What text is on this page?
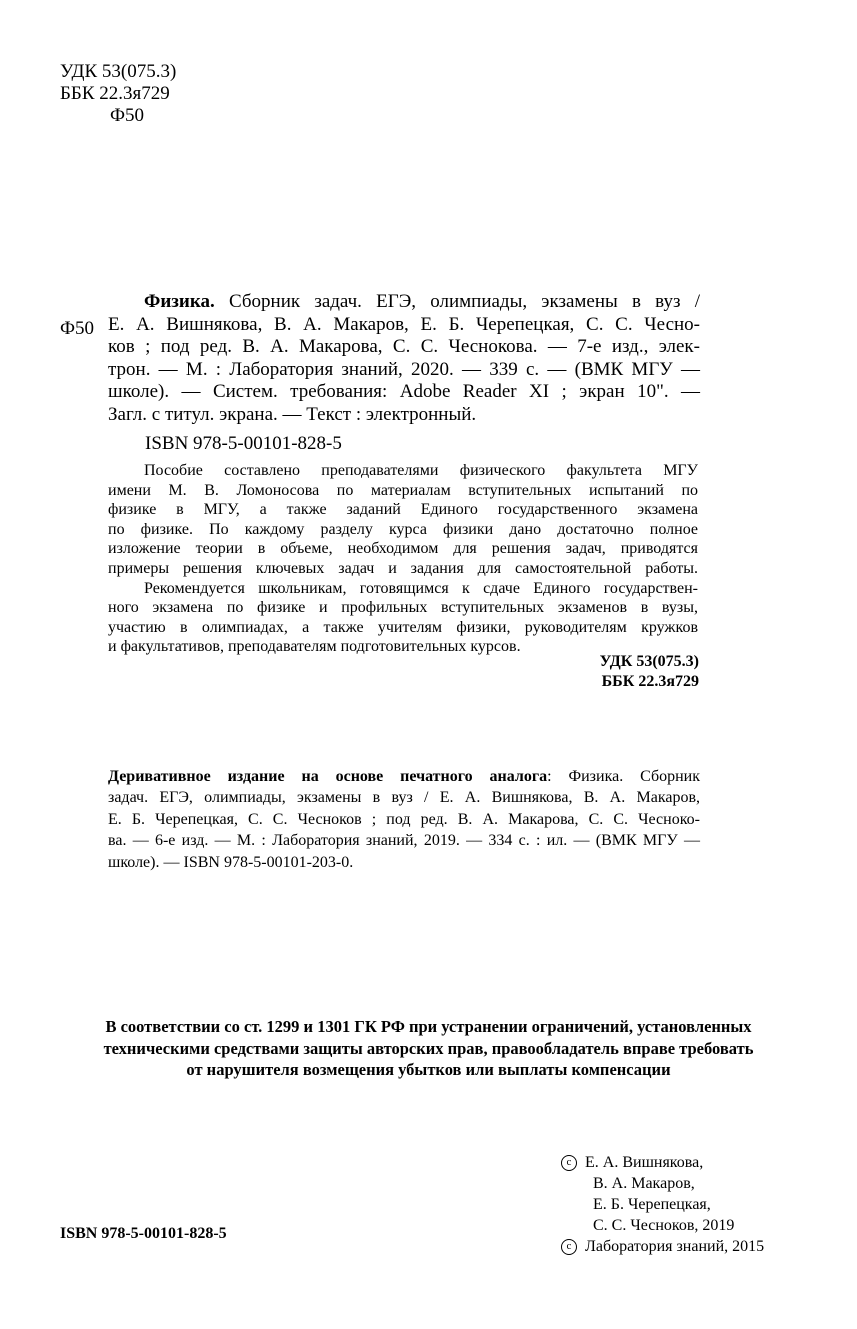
УДК 53(075.3)
ББК 22.3я729
Ф50
Ф50
Физика. Сборник задач. ЕГЭ, олимпиады, экзамены в вуз /
Е. А. Вишнякова, В. А. Макаров, Е. Б. Черепецкая, С. С. Чесно-
ков ; под ред. В. А. Макарова, С. С. Чеснокова. — 7-е изд., элек-
трон. — М. : Лаборатория знаний, 2020. — 339 с. — (ВМК МГУ —
школе). — Систем. требования: Adobe Reader XI ; экран 10". —
Загл. с титул. экрана. — Текст : электронный.
ISBN 978-5-00101-828-5
Пособие составлено преподавателями физического факультета МГУ
имени М. В. Ломоносова по материалам вступительных испытаний по
физике в МГУ, а также заданий Единого государственного экзамена
по физике. По каждому разделу курса физики дано достаточно полное
изложение теории в объеме, необходимом для решения задач, приводятся
примеры решения ключевых задач и задания для самостоятельной работы.
Рекомендуется школьникам, готовящимся к сдаче Единого государствен-
ного экзамена по физике и профильных вступительных экзаменов в вузы,
участию в олимпиадах, а также учителям физики, руководителям кружков
и факультативов, преподавателям подготовительных курсов.
УДК 53(075.3)
ББК 22.3я729
Деривативное издание на основе печатного аналога: Физика. Сборник
задач. ЕГЭ, олимпиады, экзамены в вуз / Е. А. Вишнякова, В. А. Макаров,
Е. Б. Черепецкая, С. С. Чесноков ; под ред. В. А. Макарова, С. С. Чесноко-
ва. — 6-е изд. — М. : Лаборатория знаний, 2019. — 334 с. : ил. — (ВМК МГУ —
школе). — ISBN 978-5-00101-203-0.
В соответствии со ст. 1299 и 1301 ГК РФ при устранении ограничений, установленных
техническими средствами защиты авторских прав, правообладатель вправе требовать
от нарушителя возмещения убытков или выплаты компенсации
ISBN 978-5-00101-828-5
c Е. А. Вишнякова,
В. А. Макаров,
Е. Б. Черепецкая,
С. С. Чесноков, 2019
c Лаборатория знаний, 2015
